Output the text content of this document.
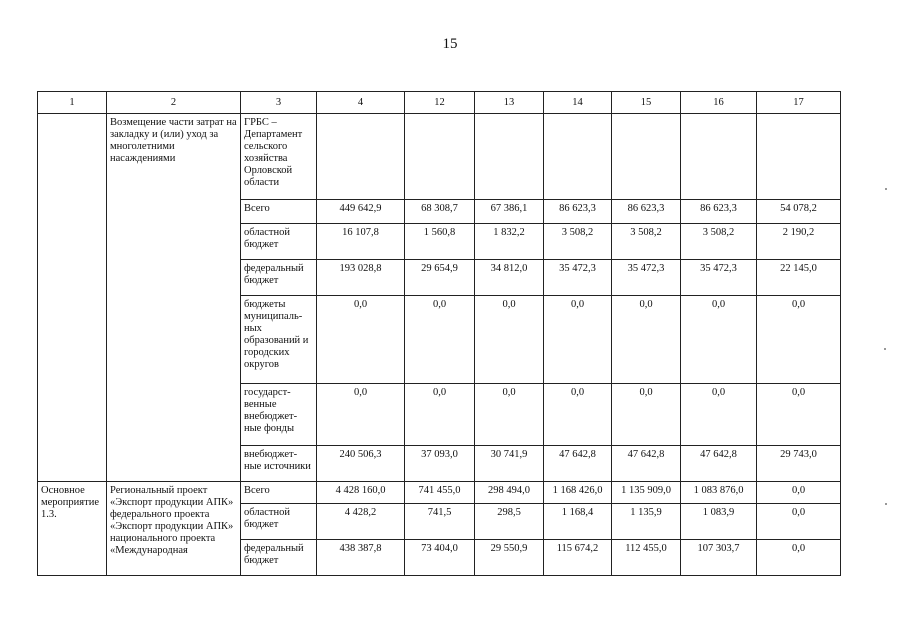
15
1	2	3	4	12	13	14	15	16	17
	Возмещение части затрат на закладку и (или) уход за многолетними насаждениями	ГРБС – Департамент сельского хозяйства Орловской области							
		Всего	449 642,9	68 308,7	67 386,1	86 623,3	86 623,3	86 623,3	54 078,2
		областной бюджет	16 107,8	1 560,8	1 832,2	3 508,2	3 508,2	3 508,2	2 190,2
		федеральный бюджет	193 028,8	29 654,9	34 812,0	35 472,3	35 472,3	35 472,3	22 145,0
		бюджеты муниципаль-ных образований и городских округов	0,0	0,0	0,0	0,0	0,0	0,0	0,0
		государст-венные внебюджет-ные фонды	0,0	0,0	0,0	0,0	0,0	0,0	0,0
		внебюджет-ные источники	240 506,3	37 093,0	30 741,9	47 642,8	47 642,8	47 642,8	29 743,0
Основное мероприятие 1.3.	Региональный проект «Экспорт продукции АПК» федерального проекта «Экспорт продукции АПК» национального проекта «Международная	Всего	4 428 160,0	741 455,0	298 494,0	1 168 426,0	1 135 909,0	1 083 876,0	0,0
		областной бюджет	4 428,2	741,5	298,5	1 168,4	1 135,9	1 083,9	0,0
		федеральный бюджет	438 387,8	73 404,0	29 550,9	115 674,2	112 455,0	107 303,7	0,0
